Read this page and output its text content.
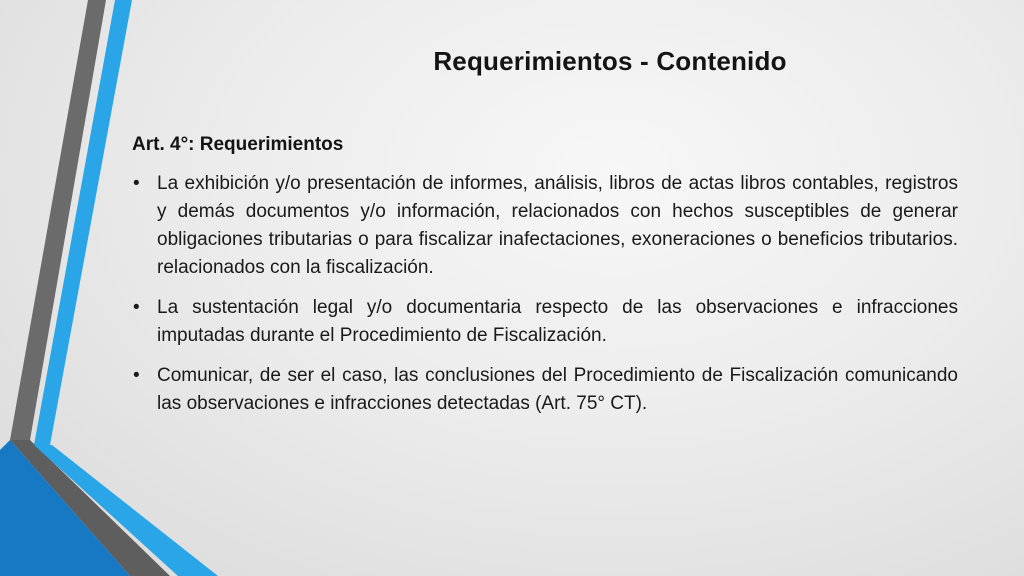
Requerimientos - Contenido
Art. 4°: Requerimientos
• La exhibición y/o presentación de informes, análisis, libros de actas libros contables, registros y demás documentos y/o información, relacionados con hechos susceptibles de generar obligaciones tributarias o para fiscalizar inafectaciones, exoneraciones o beneficios tributarios. relacionados con la fiscalización.
• La sustentación legal y/o documentaria respecto de las observaciones e infracciones imputadas durante el Procedimiento de Fiscalización.
• Comunicar, de ser el caso, las conclusiones del Procedimiento de Fiscalización comunicando las observaciones e infracciones detectadas (Art. 75° CT).
